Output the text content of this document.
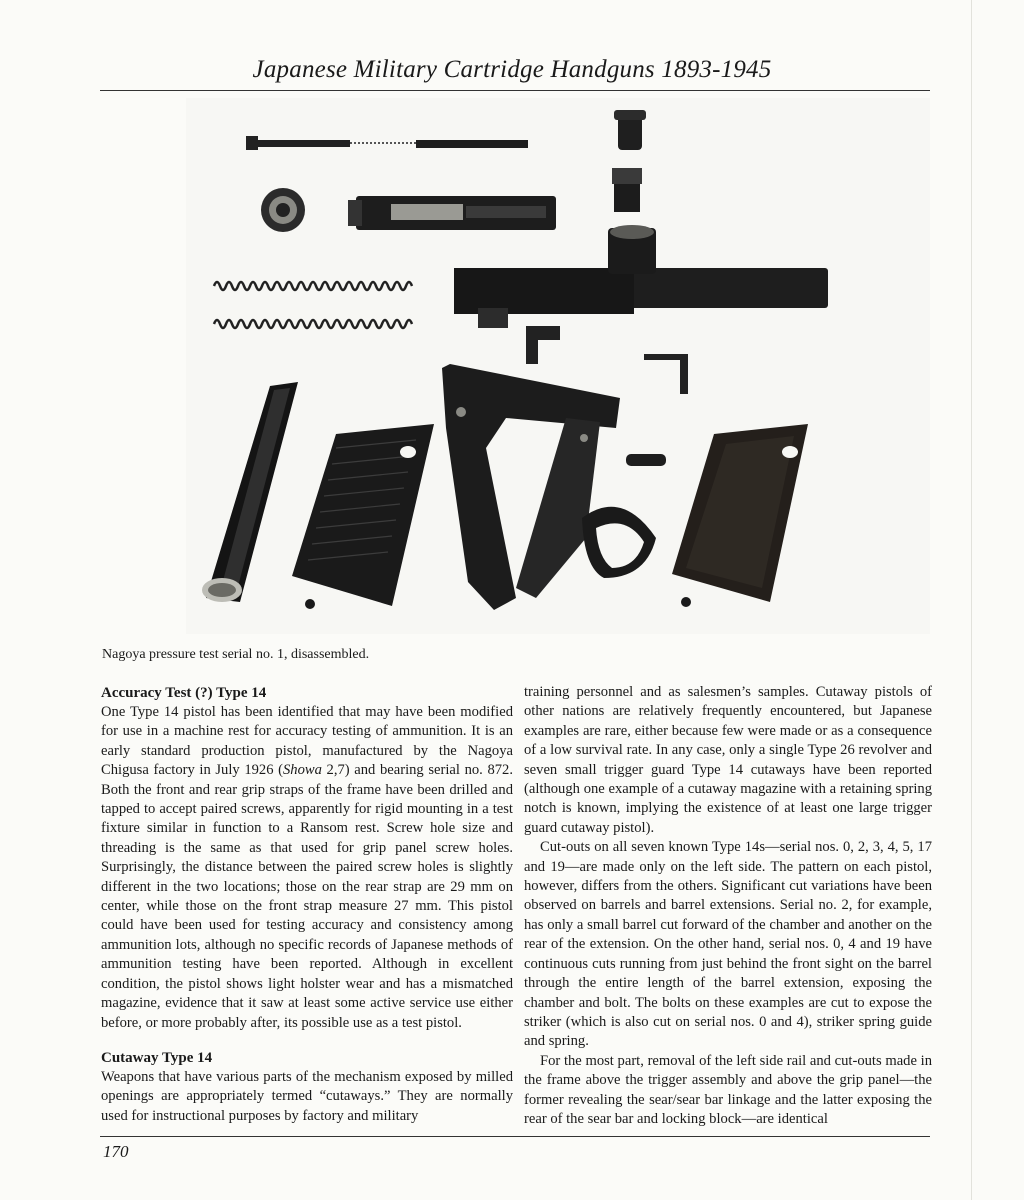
Japanese Military Cartridge Handguns 1893-1945
Nagoya pressure test serial no. 1, disassembled.
Accuracy Test (?) Type 14

One Type 14 pistol has been identified that may have been modified for use in a machine rest for accuracy testing of ammunition. It is an early standard production pistol, manufactured by the Nagoya Chigusa factory in July 1926 (Showa 2,7) and bearing serial no. 872. Both the front and rear grip straps of the frame have been drilled and tapped to accept paired screws, apparently for rigid mounting in a test fixture similar in function to a Ransom rest. Screw hole size and threading is the same as that used for grip panel screw holes. Surprisingly, the distance between the paired screw holes is slightly different in the two locations; those on the rear strap are 29 mm on center, while those on the front strap measure 27 mm. This pistol could have been used for testing accuracy and consistency among ammunition lots, although no specific records of Japanese methods of ammunition testing have been reported. Although in excellent condition, the pistol shows light holster wear and has a mismatched magazine, evidence that it saw at least some active service use either before, or more probably after, its possible use as a test pistol.

Cutaway Type 14

Weapons that have various parts of the mechanism exposed by milled openings are appropriately termed “cutaways.” They are normally used for instructional purposes by factory and military

training personnel and as salesmen’s samples. Cutaway pistols of other nations are relatively frequently encountered, but Japanese examples are rare, either because few were made or as a consequence of a low survival rate. In any case, only a single Type 26 revolver and seven small trigger guard Type 14 cutaways have been reported (although one example of a cutaway magazine with a retaining spring notch is known, implying the existence of at least one large trigger guard cutaway pistol).

Cut-outs on all seven known Type 14s—serial nos. 0, 2, 3, 4, 5, 17 and 19—are made only on the left side. The pattern on each pistol, however, differs from the others. Significant cut variations have been observed on barrels and barrel extensions. Serial no. 2, for example, has only a small barrel cut forward of the chamber and another on the rear of the extension. On the other hand, serial nos. 0, 4 and 19 have continuous cuts running from just behind the front sight on the barrel through the entire length of the barrel extension, exposing the chamber and bolt. The bolts on these examples are cut to expose the striker (which is also cut on serial nos. 0 and 4), striker spring guide and spring.

For the most part, removal of the left side rail and cut-outs made in the frame above the trigger assembly and above the grip panel—the former revealing the sear/sear bar linkage and the latter exposing the rear of the sear bar and locking block—are identical

170
